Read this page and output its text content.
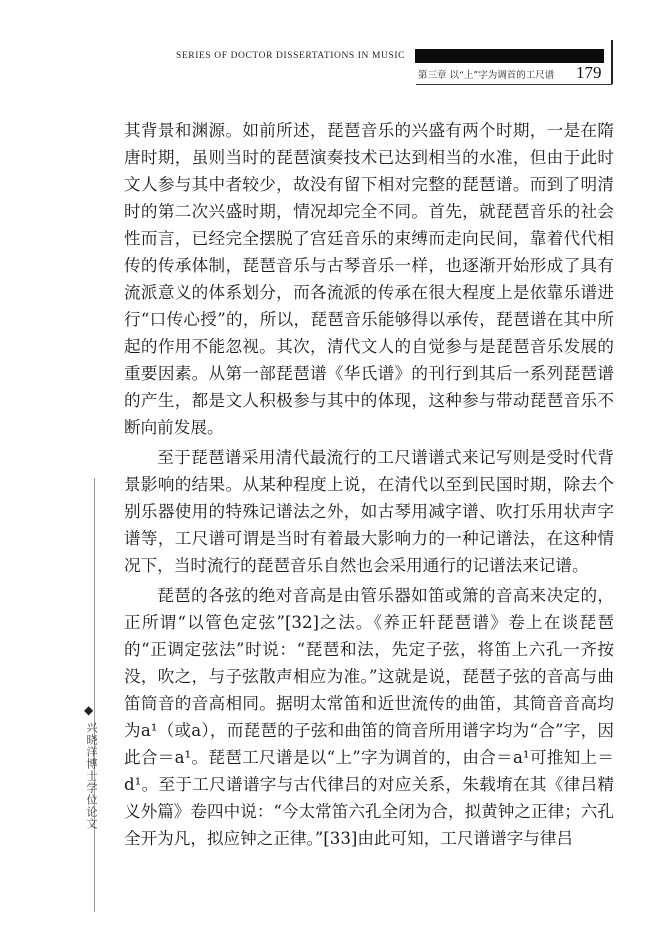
SERIES OF DOCTOR DISSERTATIONS IN MUSIC
第三章 以“上”字为调首的工尺谱 179

其背景和渊源。如前所述，琵琶音乐的兴盛有两个时期，一是在隋唐时期，虽则当时的琵琶演奏技术已达到相当的水准，但由于此时文人参与其中者较少，故没有留下相对完整的琵琶谱。而到了明清时的第二次兴盛时期，情况却完全不同。首先，就琵琶音乐的社会性而言，已经完全摆脱了宫廷音乐的束缚而走向民间，靠着代代相传的传承体制，琵琶音乐与古琴音乐一样，也逐渐开始形成了具有流派意义的体系划分，而各流派的传承在很大程度上是依靠乐谱进行“口传心授”的，所以，琵琶音乐能够得以承传，琵琶谱在其中所起的作用不能忽视。其次，清代文人的自觉参与是琵琶音乐发展的重要因素。从第一部琵琶谱《华氏谱》的刊行到其后一系列琵琶谱的产生，都是文人积极参与其中的体现，这种参与带动琵琶音乐不断向前发展。

至于琵琶谱采用清代最流行的工尺谱谱式来记写则是受时代背景影响的结果。从某种程度上说，在清代以至到民国时期，除去个别乐器使用的特殊记谱法之外，如古琴用减字谱、吹打乐用状声字谱等，工尺谱可谓是当时有着最大影响力的一种记谱法，在这种情况下，当时流行的琵琶音乐自然也会采用通行的记谱法来记谱。

琵琶的各弦的绝对音高是由管乐器如笛或箫的音高来决定的，正所谓“以管色定弦”[32]之法。《养正轩琵琶谱》卷上在谈琵琶的“正调定弦法”时说：“琵琶和法，先定子弦，将笛上六孔一齐按没，吹之，与子弦散声相应为准。”这就是说，琵琶子弦的音高与曲笛筒音的音高相同。据明太常笛和近世流传的曲笛，其筒音音高均为a¹（或a），而琵琶的子弦和曲笛的筒音所用谱字均为“合”字，因此合＝a¹。琵琶工尺谱是以“上”字为调首的，由合＝a¹可推知上＝d¹。至于工尺谱谱字与古代律吕的对应关系，朱载堉在其《律吕精义外篇》卷四中说：“今太常笛六孔全闭为合，拟黄钟之正律；六孔全开为凡，拟应钟之正律。”[33]由此可知，工尺谱谱字与律吕

◆
兴晓洋博士学位论文
